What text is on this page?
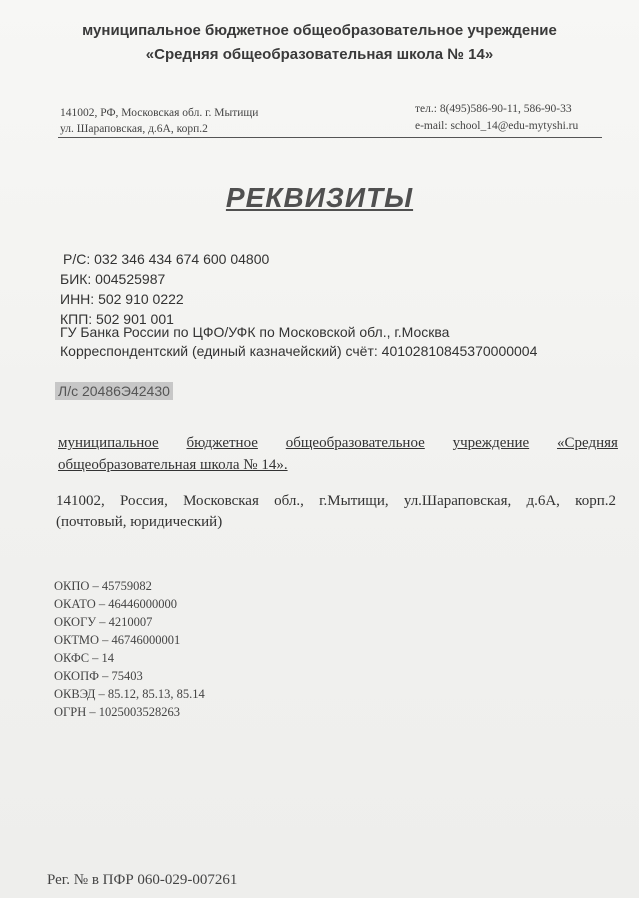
муниципальное бюджетное общеобразовательное учреждение
«Средняя общеобразовательная школа № 14»
141002, РФ, Московская обл. г. Мытищи
ул. Шараповская, д.6А, корп.2
тел.: 8(495)586-90-11, 586-90-33
e-mail: school_14@edu-mytyshi.ru
РЕКВИЗИТЫ
Р/С: 032 346 434 674 600 04800
БИК: 004525987
ИНН: 502 910 0222
КПП: 502 901 001
ГУ Банка России по ЦФО/УФК по Московской обл., г.Москва
Корреспондентский (единый казначейский) счёт: 40102810845370000004
Л/с 20486Э42430
муниципальное бюджетное общеобразовательное учреждение «Средняя
общеобразовательная школа № 14».
141002, Россия, Московская обл., г.Мытищи, ул.Шараповская, д.6А, корп.2
(почтовый, юридический)
ОКПО – 45759082
ОКАТО – 46446000000
ОКОГУ – 4210007
ОКТМО – 46746000001
ОКФС – 14
ОКОПФ – 75403
ОКВЭД – 85.12, 85.13, 85.14
ОГРН – 1025003528263
Рег. № в ПФР 060-029-007261
